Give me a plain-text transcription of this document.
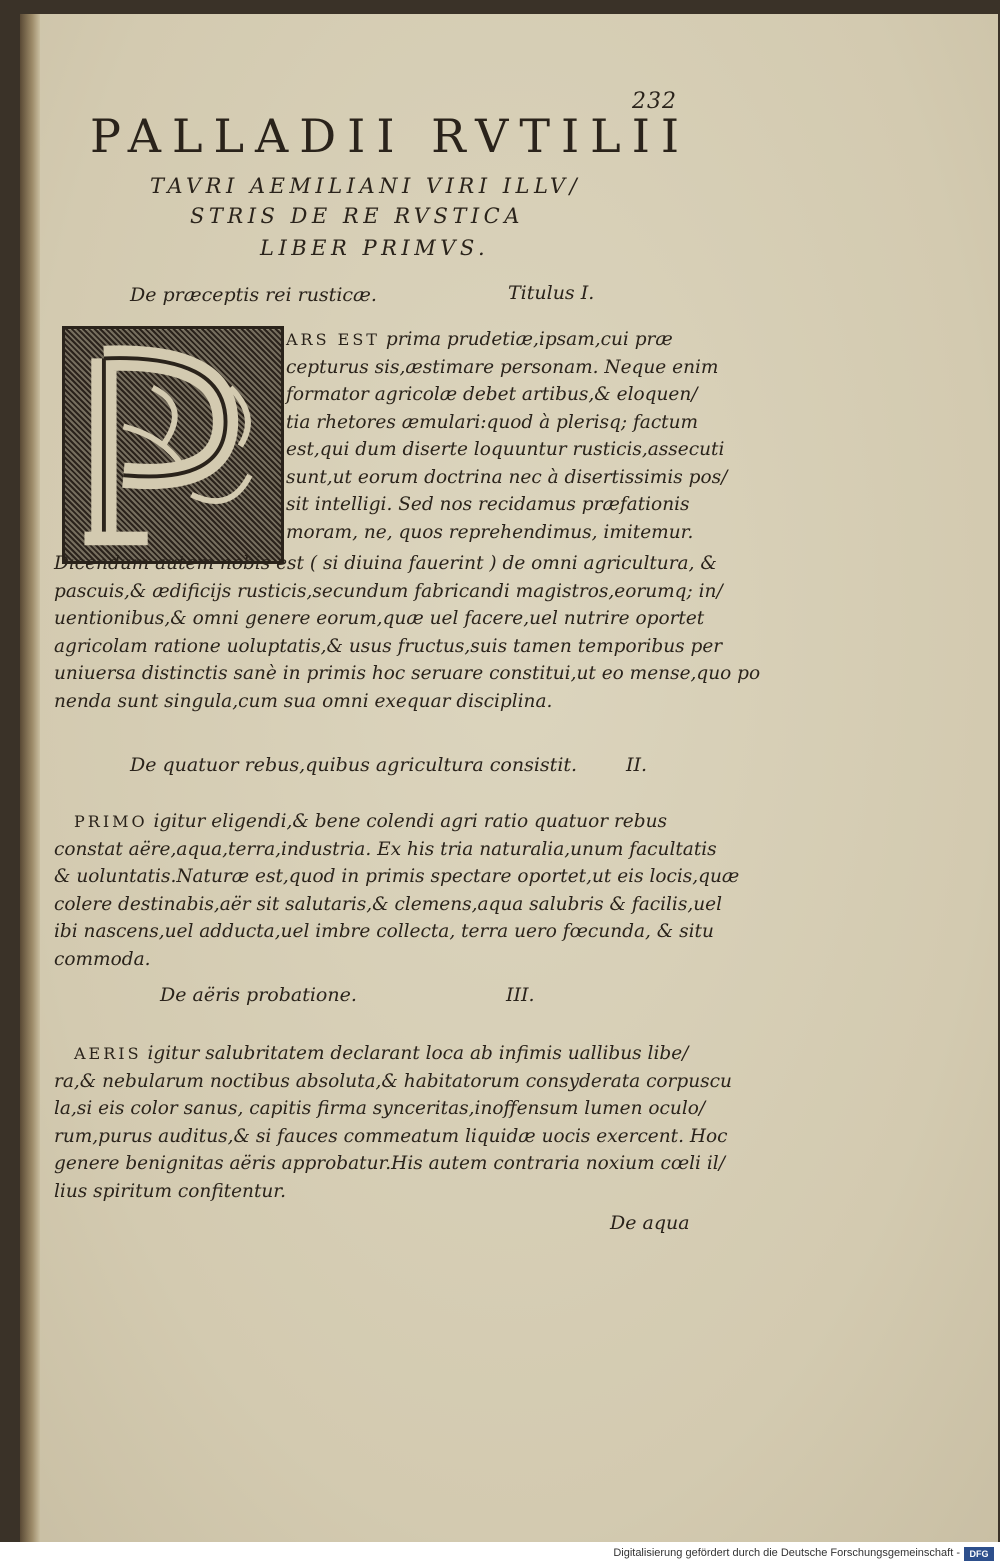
232
PALLADII RVTILII
TAVRI AEMILIANI VIRI ILLV/
STRIS DE RE RVSTICA
LIBER PRIMVS.
De præceptis rei rusticæ.	Titulus I.
ARS EST prima prudetiæ,ipsam,cui præ
cepturus sis,æstimare personam. Neque enim
formator agricolæ debet artibus,& eloquen/
tia rhetores æmulari:quod à plerisq; factum
est,qui dum diserte loquuntur rusticis,assecuti
sunt,ut eorum doctrina nec à disertissimis pos/
sit intelligi. Sed nos recidamus præfationis
moram, ne, quos reprehendimus, imitemur.
Dicendum autem nobis est ( si diuina fauerint ) de omni agricultura, &
pascuis,& ædificijs rusticis,secundum fabricandi magistros,eorumq; in/
uentionibus,& omni genere eorum,quæ uel facere,uel nutrire oportet
agricolam ratione uoluptatis,& usus fructus,suis tamen temporibus per
uniuersa distinctis sanè in primis hoc seruare constitui,ut eo mense,quo po
nenda sunt singula,cum sua omni exequar disciplina.
De quatuor rebus,quibus agricultura consistit.	II.
PRIMO igitur eligendi,& bene colendi agri ratio quatuor rebus
constat aëre,aqua,terra,industria. Ex his tria naturalia,unum facultatis
& uoluntatis.Naturæ est,quod in primis spectare oportet,ut eis locis,quæ
colere destinabis,aër sit salutaris,& clemens,aqua salubris & facilis,uel
ibi nascens,uel adducta,uel imbre collecta, terra uero fœcunda, & situ
commoda.
De aëris probatione.	III.
AERIS igitur salubritatem declarant loca ab infimis uallibus libe/
ra,& nebularum noctibus absoluta,& habitatorum consyderata corpuscu
la,si eis color sanus, capitis firma synceritas,inoffensum lumen oculo/
rum,purus auditus,& si fauces commeatum liquidæ uocis exercent. Hoc
genere benignitas aëris approbatur.His autem contraria noxium cœli il/
lius spiritum confitentur.
De aqua
Digitalisierung gefördert durch die Deutsche Forschungsgemeinschaft -	DFG
